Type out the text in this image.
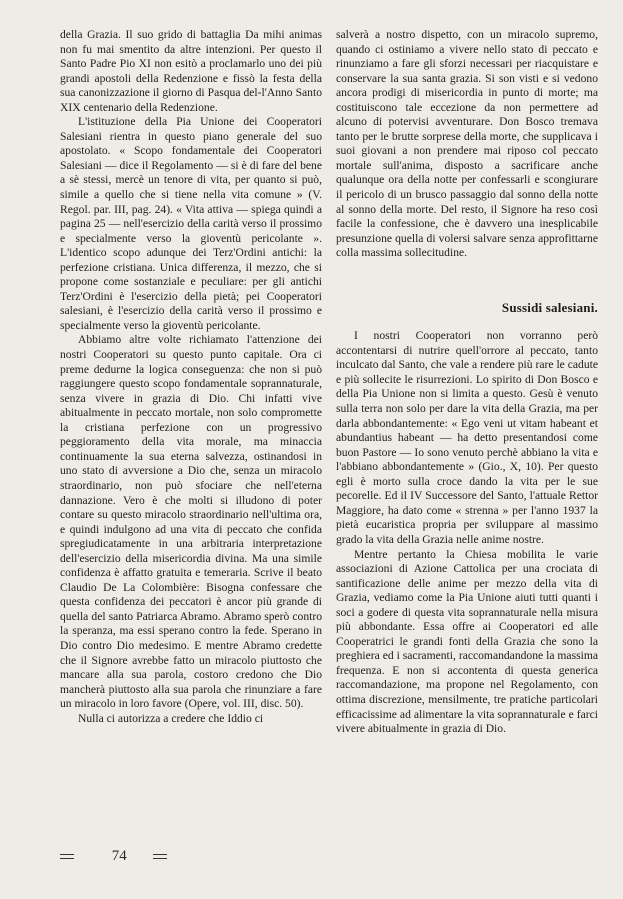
della Grazia. Il suo grido di battaglia Da mihi animas non fu mai smentito da altre intenzioni. Per questo il Santo Padre Pio XI non esitò a proclamarlo uno dei più grandi apostoli della Redenzione e fissò la festa della sua canonizzazione il giorno di Pasqua del-l'Anno Santo XIX centenario della Redenzione.

L'istituzione della Pia Unione dei Cooperatori Salesiani rientra in questo piano generale del suo apostolato. « Scopo fondamentale dei Cooperatori Salesiani — dice il Regolamento — si è di fare del bene a sè stessi, mercè un tenore di vita, per quanto si può, simile a quello che si tiene nella vita comune » (V. Regol. par. III, pag. 24). « Vita attiva — spiega quindi a pagina 25 — nell'esercizio della carità verso il prossimo e specialmente verso la gioventù pericolante ». L'identico scopo adunque dei Terz'Ordini antichi: la perfezione cristiana. Unica differenza, il mezzo, che si propone come sostanziale e peculiare: per gli antichi Terz'Ordini è l'esercizio della pietà; pei Cooperatori salesiani, è l'esercizio della carità verso il prossimo e specialmente verso la gioventù pericolante.

Abbiamo altre volte richiamato l'attenzione dei nostri Cooperatori su questo punto capitale. Ora ci preme dedurne la logica conseguenza: che non si può raggiungere questo scopo fondamentale soprannaturale, senza vivere in grazia di Dio. Chi infatti vive abitualmente in peccato mortale, non solo compromette la cristiana perfezione con un progressivo peggioramento della vita morale, ma minaccia continuamente la sua eterna salvezza, ostinandosi in uno stato di avversione a Dio che, senza un miracolo straordinario, non può sfociare che nell'eterna dannazione. Vero è che molti si illudono di poter contare su questo miracolo straordinario nell'ultima ora, e quindi indulgono ad una vita di peccato che confida spregiudicatamente in una arbitraria interpretazione dell'esercizio della misericordia divina. Ma una simile confidenza è affatto gratuita e temeraria. Scrive il beato Claudio De La Colombière: Bisogna confessare che questa confidenza dei peccatori è ancor più grande di quella del santo Patriarca Abramo. Abramo sperò contro la speranza, ma essi sperano contro la fede. Sperano in Dio contro Dio medesimo. E mentre Abramo credette che il Signore avrebbe fatto un miracolo piuttosto che mancare alla sua parola, costoro credono che Dio mancherà piuttosto alla sua parola che rinunziare a fare un miracolo in loro favore (Opere, vol. III, disc. 50).

Nulla ci autorizza a credere che Iddio ci

salverà a nostro dispetto, con un miracolo supremo, quando ci ostiniamo a vivere nello stato di peccato e rinunziamo a fare gli sforzi necessari per riacquistare e conservare la sua santa grazia. Si son visti e si vedono ancora prodigi di misericordia in punto di morte; ma costituiscono tale eccezione da non permettere ad alcuno di potervisi avventurare. Don Bosco tremava tanto per le brutte sorprese della morte, che supplicava i suoi giovani a non prendere mai riposo col peccato mortale sull'anima, disposto a sacrificare anche qualunque ora della notte per confessarli e scongiurare il pericolo di un brusco passaggio dal sonno della notte al sonno della morte. Del resto, il Signore ha reso così facile la confessione, che è davvero una inesplicabile presunzione quella di volersi salvare senza approfittarne colla massima sollecitudine.

Sussidi salesiani.

I nostri Cooperatori non vorranno però accontentarsi di nutrire quell'orrore al peccato, tanto inculcato dal Santo, che vale a rendere più rare le cadute e più sollecite le risurrezioni. Lo spirito di Don Bosco e della Pia Unione non si limita a questo. Gesù è venuto sulla terra non solo per dare la vita della Grazia, ma per darla abbondantemente: « Ego veni ut vitam habeant et abundantius habeant — ha detto presentandosi come buon Pastore — Io sono venuto perchè abbiano la vita e l'abbiano abbondantemente » (Gio., X, 10). Per questo egli è morto sulla croce dando la vita per le sue pecorelle. Ed il IV Successore del Santo, l'attuale Rettor Maggiore, ha dato come « strenna » per l'anno 1937 la pietà eucaristica propria per sviluppare al massimo grado la vita della Grazia nelle anime nostre.

Mentre pertanto la Chiesa mobilita le varie associazioni di Azione Cattolica per una crociata di santificazione delle anime per mezzo della vita di Grazia, vediamo come la Pia Unione aiuti tutti quanti i soci a godere di questa vita soprannaturale nella misura più abbondante. Essa offre ai Cooperatori ed alle Cooperatrici le grandi fonti della Grazia che sono la preghiera ed i sacramenti, raccomandandone la massima frequenza. E non si accontenta di questa generica raccomandazione, ma propone nel Regolamento, con ottima discrezione, mensilmente, tre pratiche particolari efficacissime ad alimentare la vita soprannaturale e farci vivere abitualmente in grazia di Dio.

74
